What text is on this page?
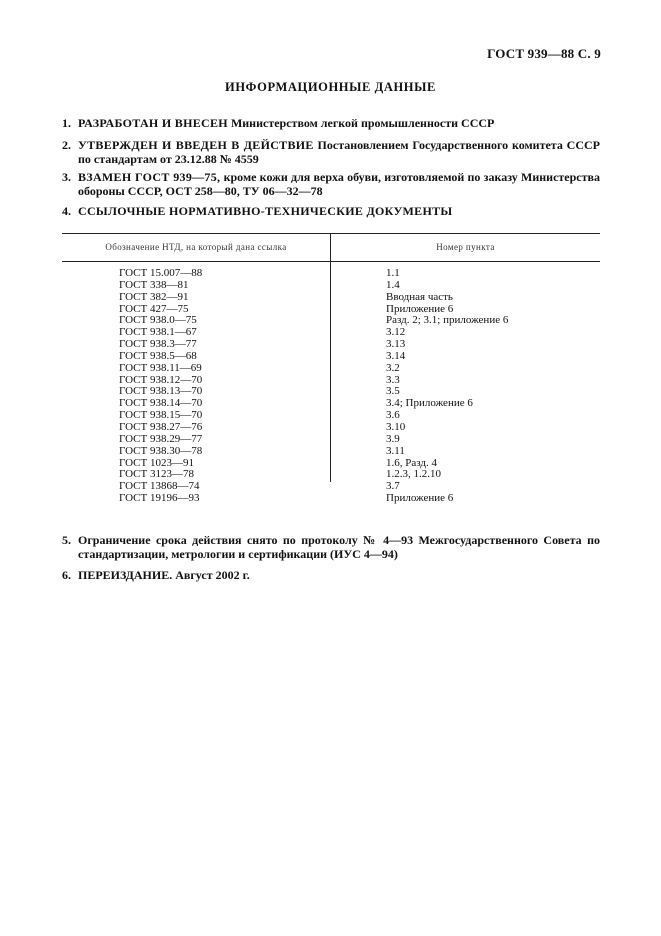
ГОСТ 939—88 С. 9
ИНФОРМАЦИОННЫЕ ДАННЫЕ
1. РАЗРАБОТАН И ВНЕСЕН Министерством легкой промышленности СССР
2. УТВЕРЖДЕН И ВВЕДЕН В ДЕЙСТВИЕ Постановлением Государственного комитета СССР по стандартам от 23.12.88 № 4559
3. ВЗАМЕН ГОСТ 939—75, кроме кожи для верха обуви, изготовляемой по заказу Министерства обороны СССР, ОСТ 258—80, ТУ 06—32—78
4. ССЫЛОЧНЫЕ НОРМАТИВНО-ТЕХНИЧЕСКИЕ ДОКУМЕНТЫ
Обозначение НТД, на который дана ссылка	Номер пункта
ГОСТ 15.007—88	1.1
ГОСТ 338—81	1.4
ГОСТ 382—91	Вводная часть
ГОСТ 427—75	Приложение 6
ГОСТ 938.0—75	Разд. 2; 3.1; приложение 6
ГОСТ 938.1—67	3.12
ГОСТ 938.3—77	3.13
ГОСТ 938.5—68	3.14
ГОСТ 938.11—69	3.2
ГОСТ 938.12—70	3.3
ГОСТ 938.13—70	3.5
ГОСТ 938.14—70	3.4; Приложение 6
ГОСТ 938.15—70	3.6
ГОСТ 938.27—76	3.10
ГОСТ 938.29—77	3.9
ГОСТ 938.30—78	3.11
ГОСТ 1023—91	1.6, Разд. 4
ГОСТ 3123—78	1.2.3, 1.2.10
ГОСТ 13868—74	3.7
ГОСТ 19196—93	Приложение 6
5. Ограничение срока действия снято по протоколу № 4—93 Межгосударственного Совета по стандартизации, метрологии и сертификации (ИУС 4—94)
6. ПЕРЕИЗДАНИЕ. Август 2002 г.
